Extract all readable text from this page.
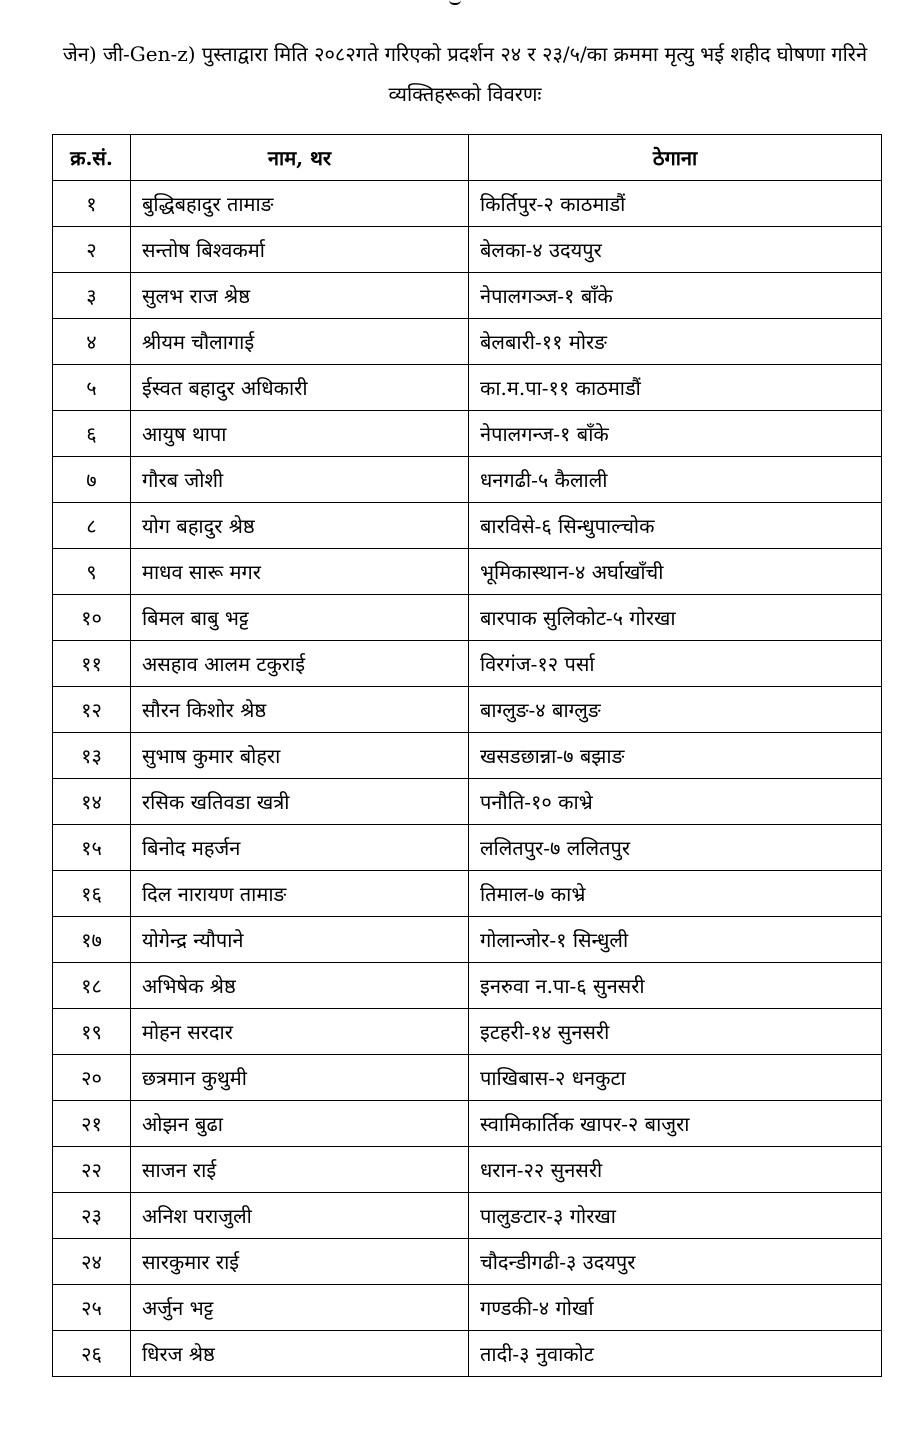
जेन) जी-Gen-z) पुस्ताद्वारा मिति २०८२गते गरिएको प्रदर्शन २४ र २३/५/का क्रममा मृत्यु भई शहीद घोषणा गरिने व्यक्तिहरूको विवरणः

क्र.सं.	नाम, थर	ठेगाना
१	बुद्धिबहादुर तामाङ	किर्तिपुर-२ काठमाडौं
२	सन्तोष बिश्वकर्मा	बेलका-४ उदयपुर
३	सुलभ राज श्रेष्ठ	नेपालगञ्ज-१ बाँके
४	श्रीयम चौलागाई	बेलबारी-११ मोरङ
५	ईस्वत बहादुर अधिकारी	का.म.पा-११ काठमाडौं
६	आयुष थापा	नेपालगन्ज-१ बाँके
७	गौरब जोशी	धनगढी-५ कैलाली
८	योग बहादुर श्रेष्ठ	बारविसे-६ सिन्धुपाल्चोक
९	माधव सारू मगर	भूमिकास्थान-४ अर्घाखाँची
१०	बिमल बाबु भट्ट	बारपाक सुलिकोट-५ गोरखा
११	असहाव आलम टकुराई	विरगंज-१२ पर्सा
१२	सौरन किशोर श्रेष्ठ	बाग्लुङ-४ बाग्लुङ
१३	सुभाष कुमार बोहरा	खसडछान्ना-७ बझाङ
१४	रसिक खतिवडा खत्री	पनौति-१० काभ्रे
१५	बिनोद महर्जन	ललितपुर-७ ललितपुर
१६	दिल नारायण तामाङ	तिमाल-७ काभ्रे
१७	योगेन्द्र न्यौपाने	गोलान्जोर-१ सिन्धुली
१८	अभिषेक श्रेष्ठ	इनरुवा न.पा-६ सुनसरी
१९	मोहन सरदार	इटहरी-१४ सुनसरी
२०	छत्रमान कुथुमी	पाखिबास-२ धनकुटा
२१	ओझन बुढा	स्वामिकार्तिक खापर-२ बाजुरा
२२	साजन राई	धरान-२२ सुनसरी
२३	अनिश पराजुली	पालुङटार-३ गोरखा
२४	सारकुमार राई	चौदन्डीगढी-३ उदयपुर
२५	अर्जुन भट्ट	गण्डकी-४ गोर्खा
२६	धिरज श्रेष्ठ	तादी-३ नुवाकोट
